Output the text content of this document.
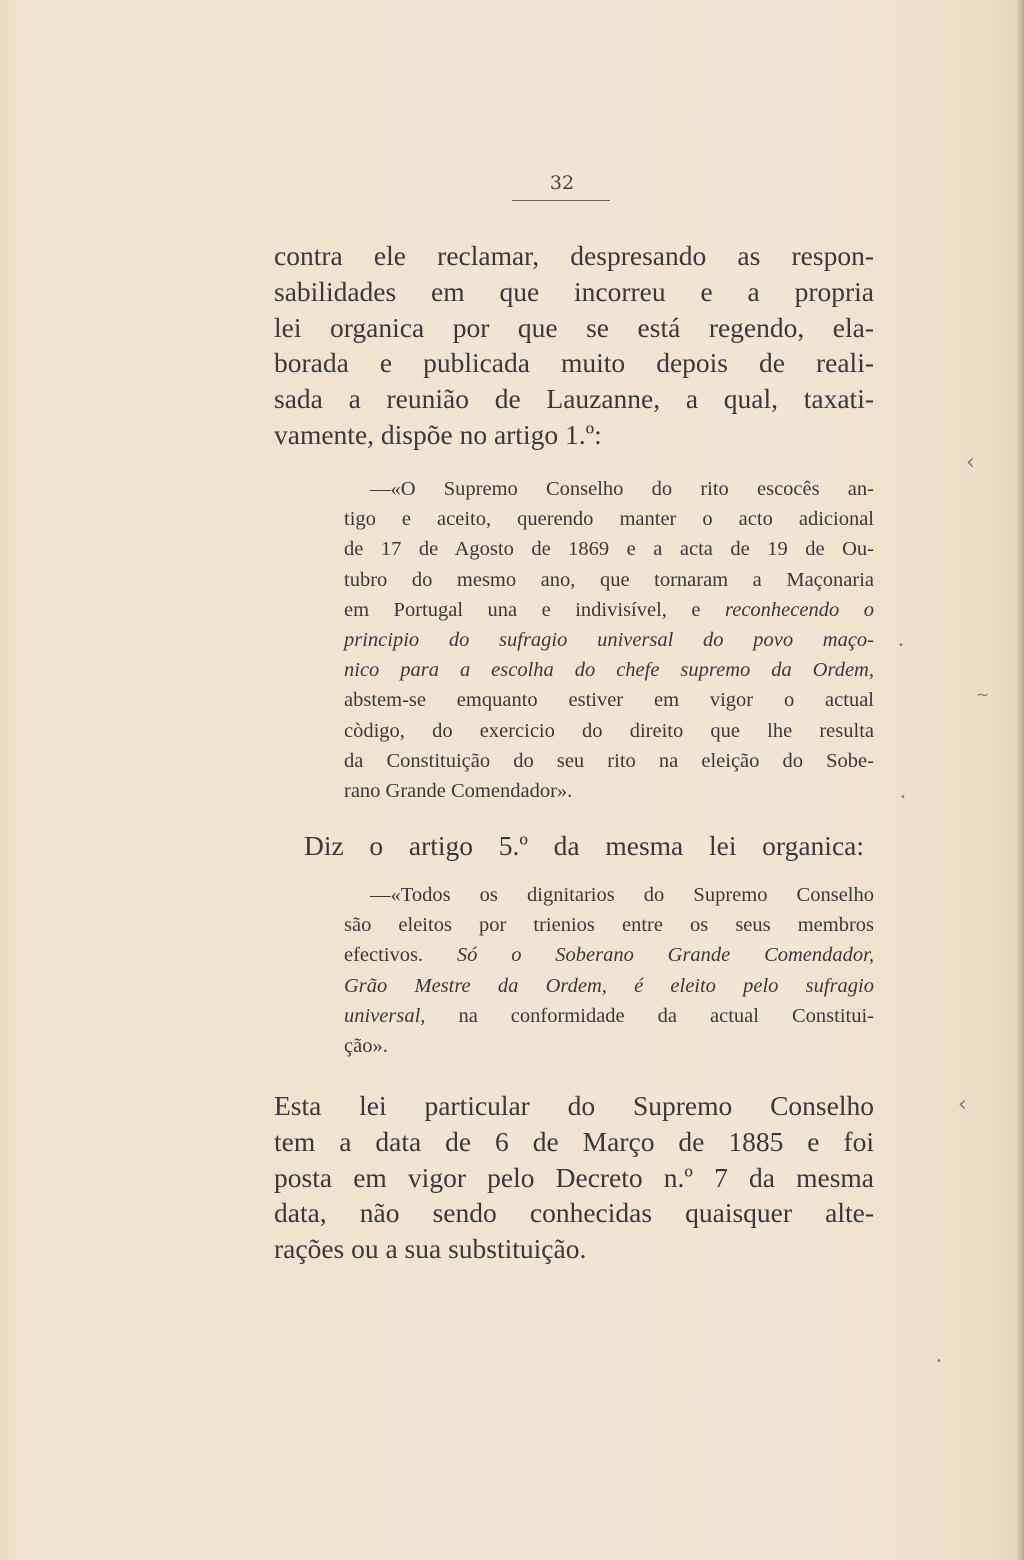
32
contra ele reclamar, despresando as respon-
sabilidades em que incorreu e a propria
lei organica por que se está regendo, ela-
borada e publicada muito depois de reali-
sada a reunião de Lauzanne, a qual, taxati-
vamente, dispõe no artigo 1.º:
—«O Supremo Conselho do rito escocês an-
tigo e aceito, querendo manter o acto adicional
de 17 de Agosto de 1869 e a acta de 19 de Ou-
tubro do mesmo ano, que tornaram a Maçonaria
em Portugal una e indivisível, e reconhecendo o
principio do sufragio universal do povo maço-
nico para a escolha do chefe supremo da Ordem,
abstem-se emquanto estiver em vigor o actual
còdigo, do exercicio do direito que lhe resulta
da Constituição do seu rito na eleição do Sobe-
rano Grande Comendador».
Diz o artigo 5.º da mesma lei organica:
—«Todos os dignitarios do Supremo Conselho
são eleitos por trienios entre os seus membros
efectivos. Só o Soberano Grande Comendador,
Grão Mestre da Ordem, é eleito pelo sufragio
universal, na conformidade da actual Constitui-
ção».
Esta lei particular do Supremo Conselho
tem a data de 6 de Março de 1885 e foi
posta em vigor pelo Decreto n.º 7 da mesma
data, não sendo conhecidas quaisquer alte-
rações ou a sua substituição.
‹
~
‹
•
•
•
